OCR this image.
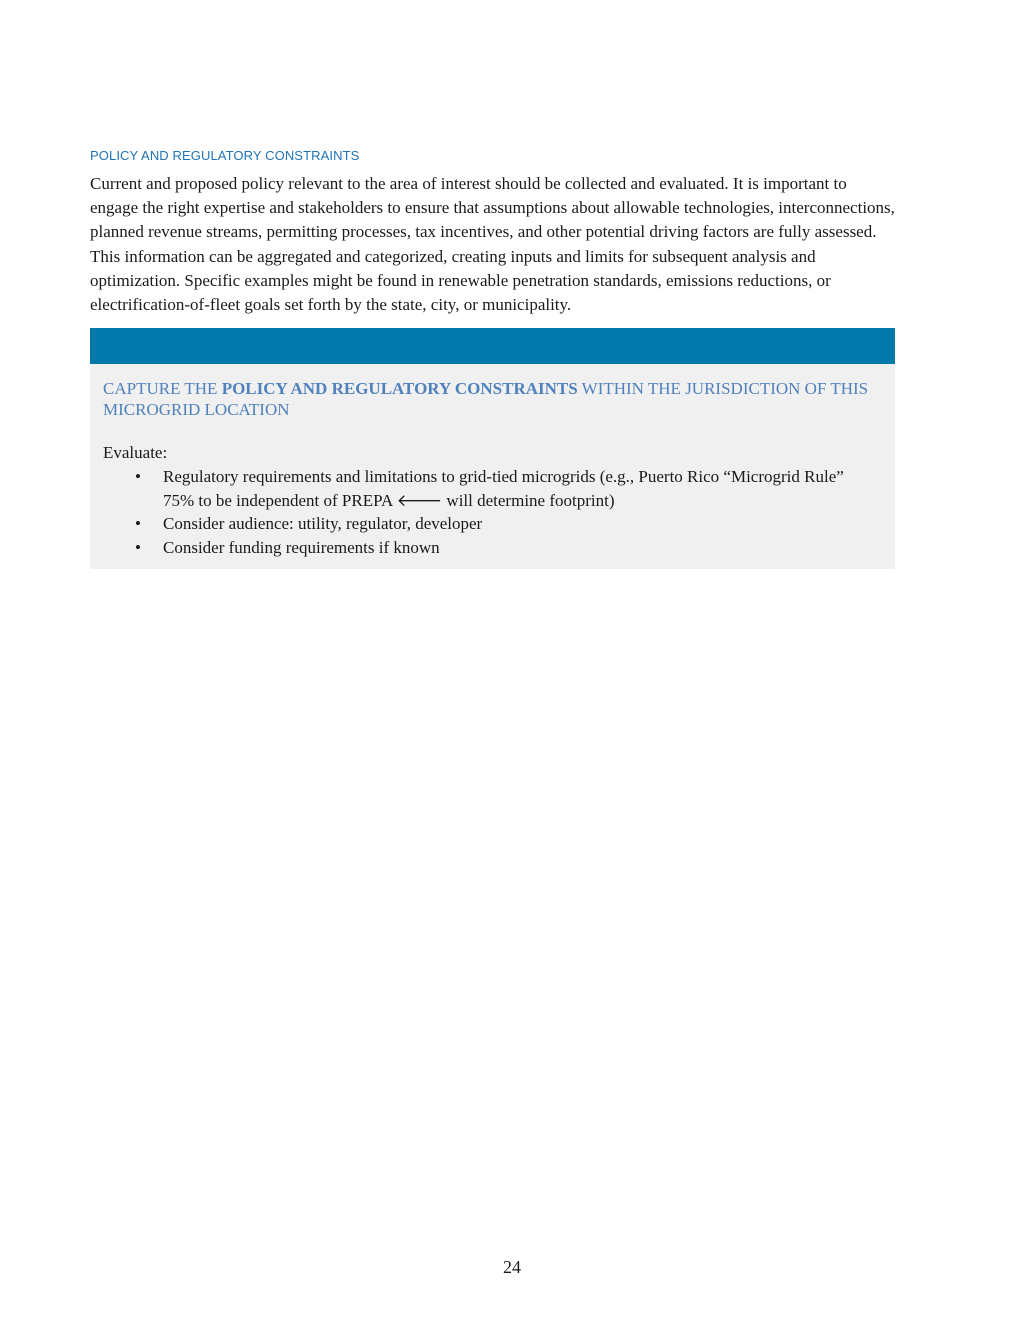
POLICY AND REGULATORY CONSTRAINTS

Current and proposed policy relevant to the area of interest should be collected and evaluated. It is important to engage the right expertise and stakeholders to ensure that assumptions about allowable technologies, interconnections, planned revenue streams, permitting processes, tax incentives, and other potential driving factors are fully assessed. This information can be aggregated and categorized, creating inputs and limits for subsequent analysis and optimization. Specific examples might be found in renewable penetration standards, emissions reductions, or electrification-of-fleet goals set forth by the state, city, or municipality.

CAPTURE THE POLICY AND REGULATORY CONSTRAINTS WITHIN THE JURISDICTION OF THIS MICROGRID LOCATION
Evaluate:
• Regulatory requirements and limitations to grid-tied microgrids (e.g., Puerto Rico “Microgrid Rule” 75% to be independent of PREPA 🡐 will determine footprint)
• Consider audience: utility, regulator, developer
• Consider funding requirements if known
24
